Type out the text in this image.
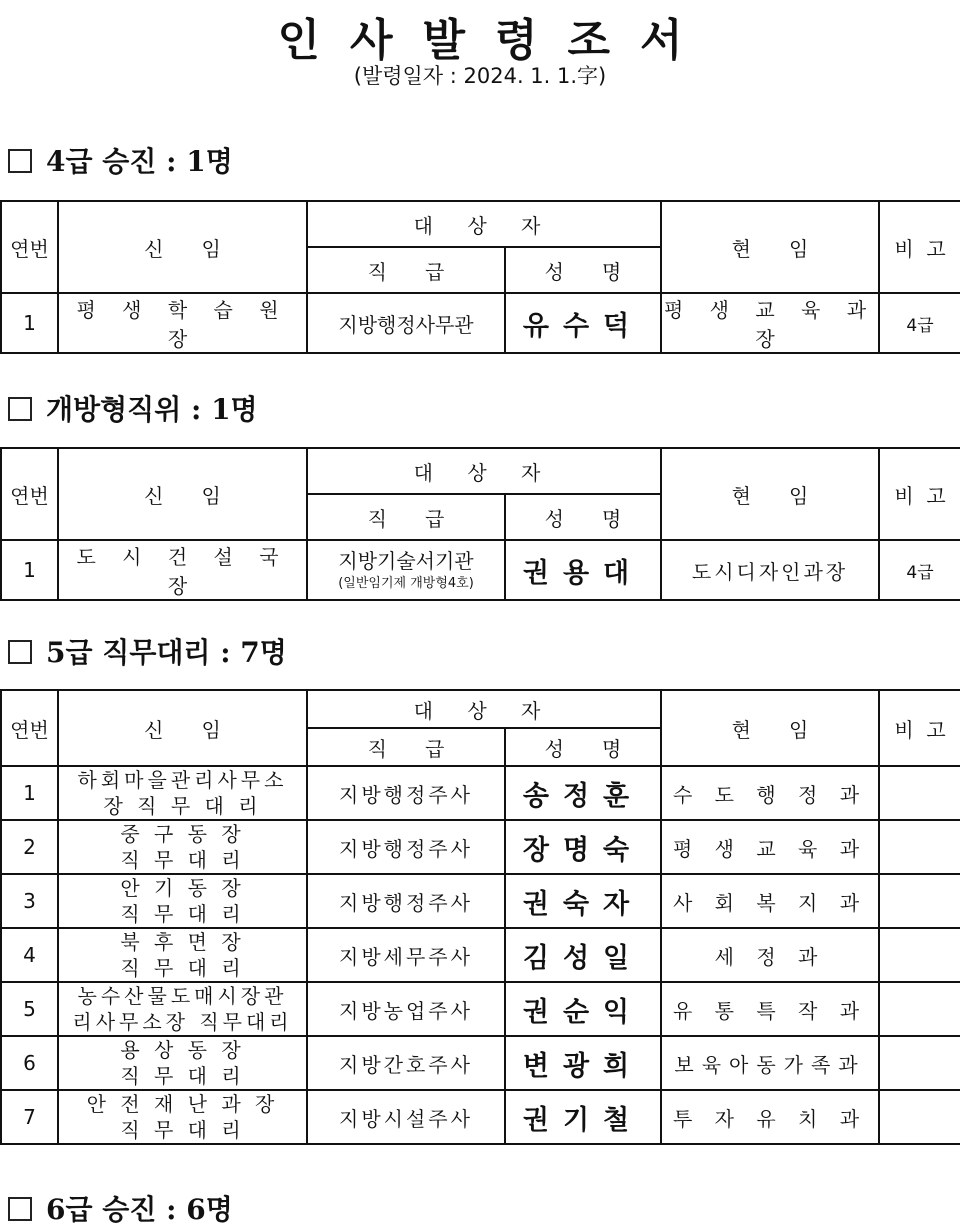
인사발령조서
(발령일자 : 2024. 1. 1.字)
4급 승진 : 1명
연번	신      임	대 상 자		현      임	비  고
		직      급	성      명		
1	평 생 학 습 원 장	지방행정사무관	유수덕	평 생 교 육 과 장	4급
개방형직위 : 1명
연번	신      임	대 상 자		현      임	비  고
		직      급	성      명		
1	도 시 건 설 국 장	지방기술서기관
(일반임기제 개방형4호)	권용대	도시디자인과장	4급
5급 직무대리 : 7명
연번	신      임	대 상 자		현      임	비  고
		직      급	성      명		
1	하회마을관리사무소
장 직 무 대 리	지방행정주사	송정훈	수 도 행 정 과	
2	중 구 동 장
직 무 대 리	지방행정주사	장명숙	평 생 교 육 과	
3	안 기 동 장
직 무 대 리	지방행정주사	권숙자	사 회 복 지 과	
4	북 후 면 장
직 무 대 리	지방세무주사	김성일	세 정 과	
5	농수산물도매시장관
리사무소장 직무대리	지방농업주사	권순익	유 통 특 작 과	
6	용 상 동 장
직 무 대 리	지방간호주사	변광희	보육아동가족과	
7	안 전 재 난 과 장
직 무 대 리	지방시설주사	권기철	투 자 유 치 과	
6급 승진 : 6명
